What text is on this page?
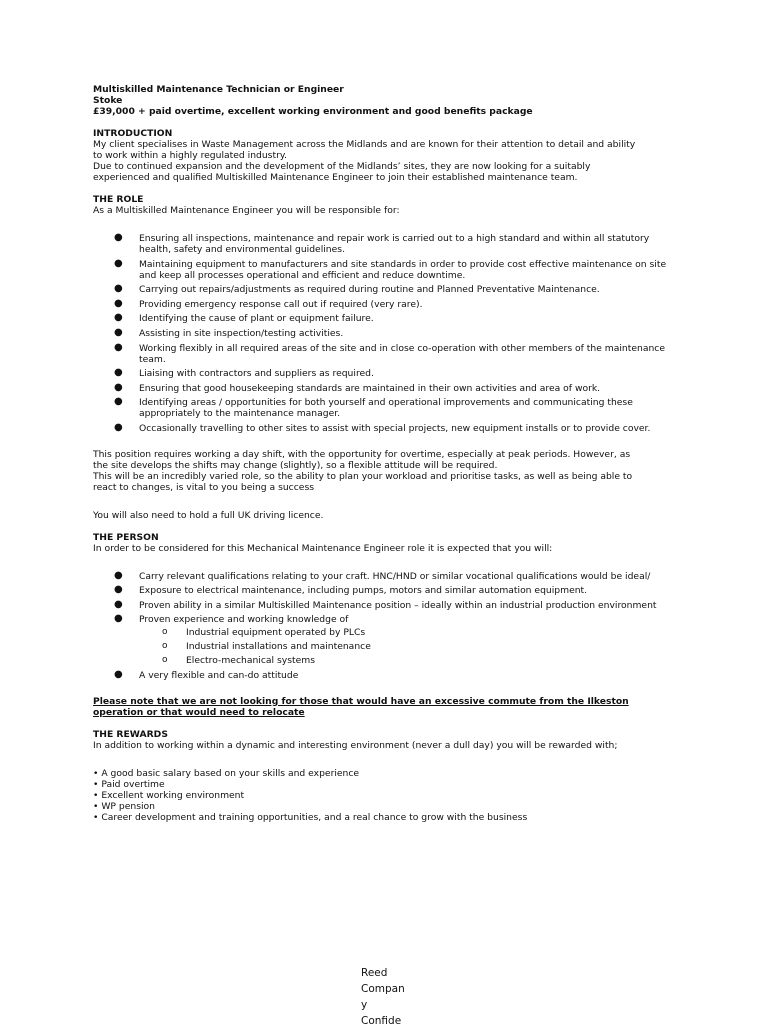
Multiskilled Maintenance Technician or Engineer

Stoke

£39,000 + paid overtime, excellent working environment and good benefits package

INTRODUCTION

My client specialises in Waste Management across the Midlands and are known for their attention to detail and ability

to work within a highly regulated industry.

Due to continued expansion and the development of the Midlands’ sites, they are now looking for a suitably

experienced and qualified Multiskilled Maintenance Engineer to join their established maintenance team.

THE ROLE

As a Multiskilled Maintenance Engineer you will be responsible for:

● Ensuring all inspections, maintenance and repair work is carried out to a high standard and within all statutory health, safety and environmental guidelines.
● Maintaining equipment to manufacturers and site standards in order to provide cost effective maintenance on site and keep all processes operational and efficient and reduce downtime.
● Carrying out repairs/adjustments as required during routine and Planned Preventative Maintenance.
● Providing emergency response call out if required (very rare).
● Identifying the cause of plant or equipment failure.
● Assisting in site inspection/testing activities.
● Working flexibly in all required areas of the site and in close co-operation with other members of the maintenance team.
● Liaising with contractors and suppliers as required.
● Ensuring that good housekeeping standards are maintained in their own activities and area of work.
● Identifying areas / opportunities for both yourself and operational improvements and communicating these appropriately to the maintenance manager.
● Occasionally travelling to other sites to assist with special projects, new equipment installs or to provide cover.

This position requires working a day shift, with the opportunity for overtime, especially at peak periods. However, as

the site develops the shifts may change (slightly), so a flexible attitude will be required.

This will be an incredibly varied role, so the ability to plan your workload and prioritise tasks, as well as being able to

react to changes, is vital to you being a success

You will also need to hold a full UK driving licence.

THE PERSON

In order to be considered for this Mechanical Maintenance Engineer role it is expected that you will:

● Carry relevant qualifications relating to your craft. HNC/HND or similar vocational qualifications would be ideal/
● Exposure to electrical maintenance, including pumps, motors and similar automation equipment.
● Proven ability in a similar Multiskilled Maintenance position – ideally within an industrial production environment
● Proven experience and working knowledge of
o Industrial equipment operated by PLCs
o Industrial installations and maintenance
o Electro-mechanical systems
● A very flexible and can-do attitude

Please note that we are not looking for those that would have an excessive commute from the Ilkeston

operation or that would need to relocate

THE REWARDS

In addition to working within a dynamic and interesting environment (never a dull day) you will be rewarded with;

• A good basic salary based on your skills and experience

• Paid overtime

• Excellent working environment

• WP pension

• Career development and training opportunities, and a real chance to grow with the business

Reed
Compan
y
Confide
